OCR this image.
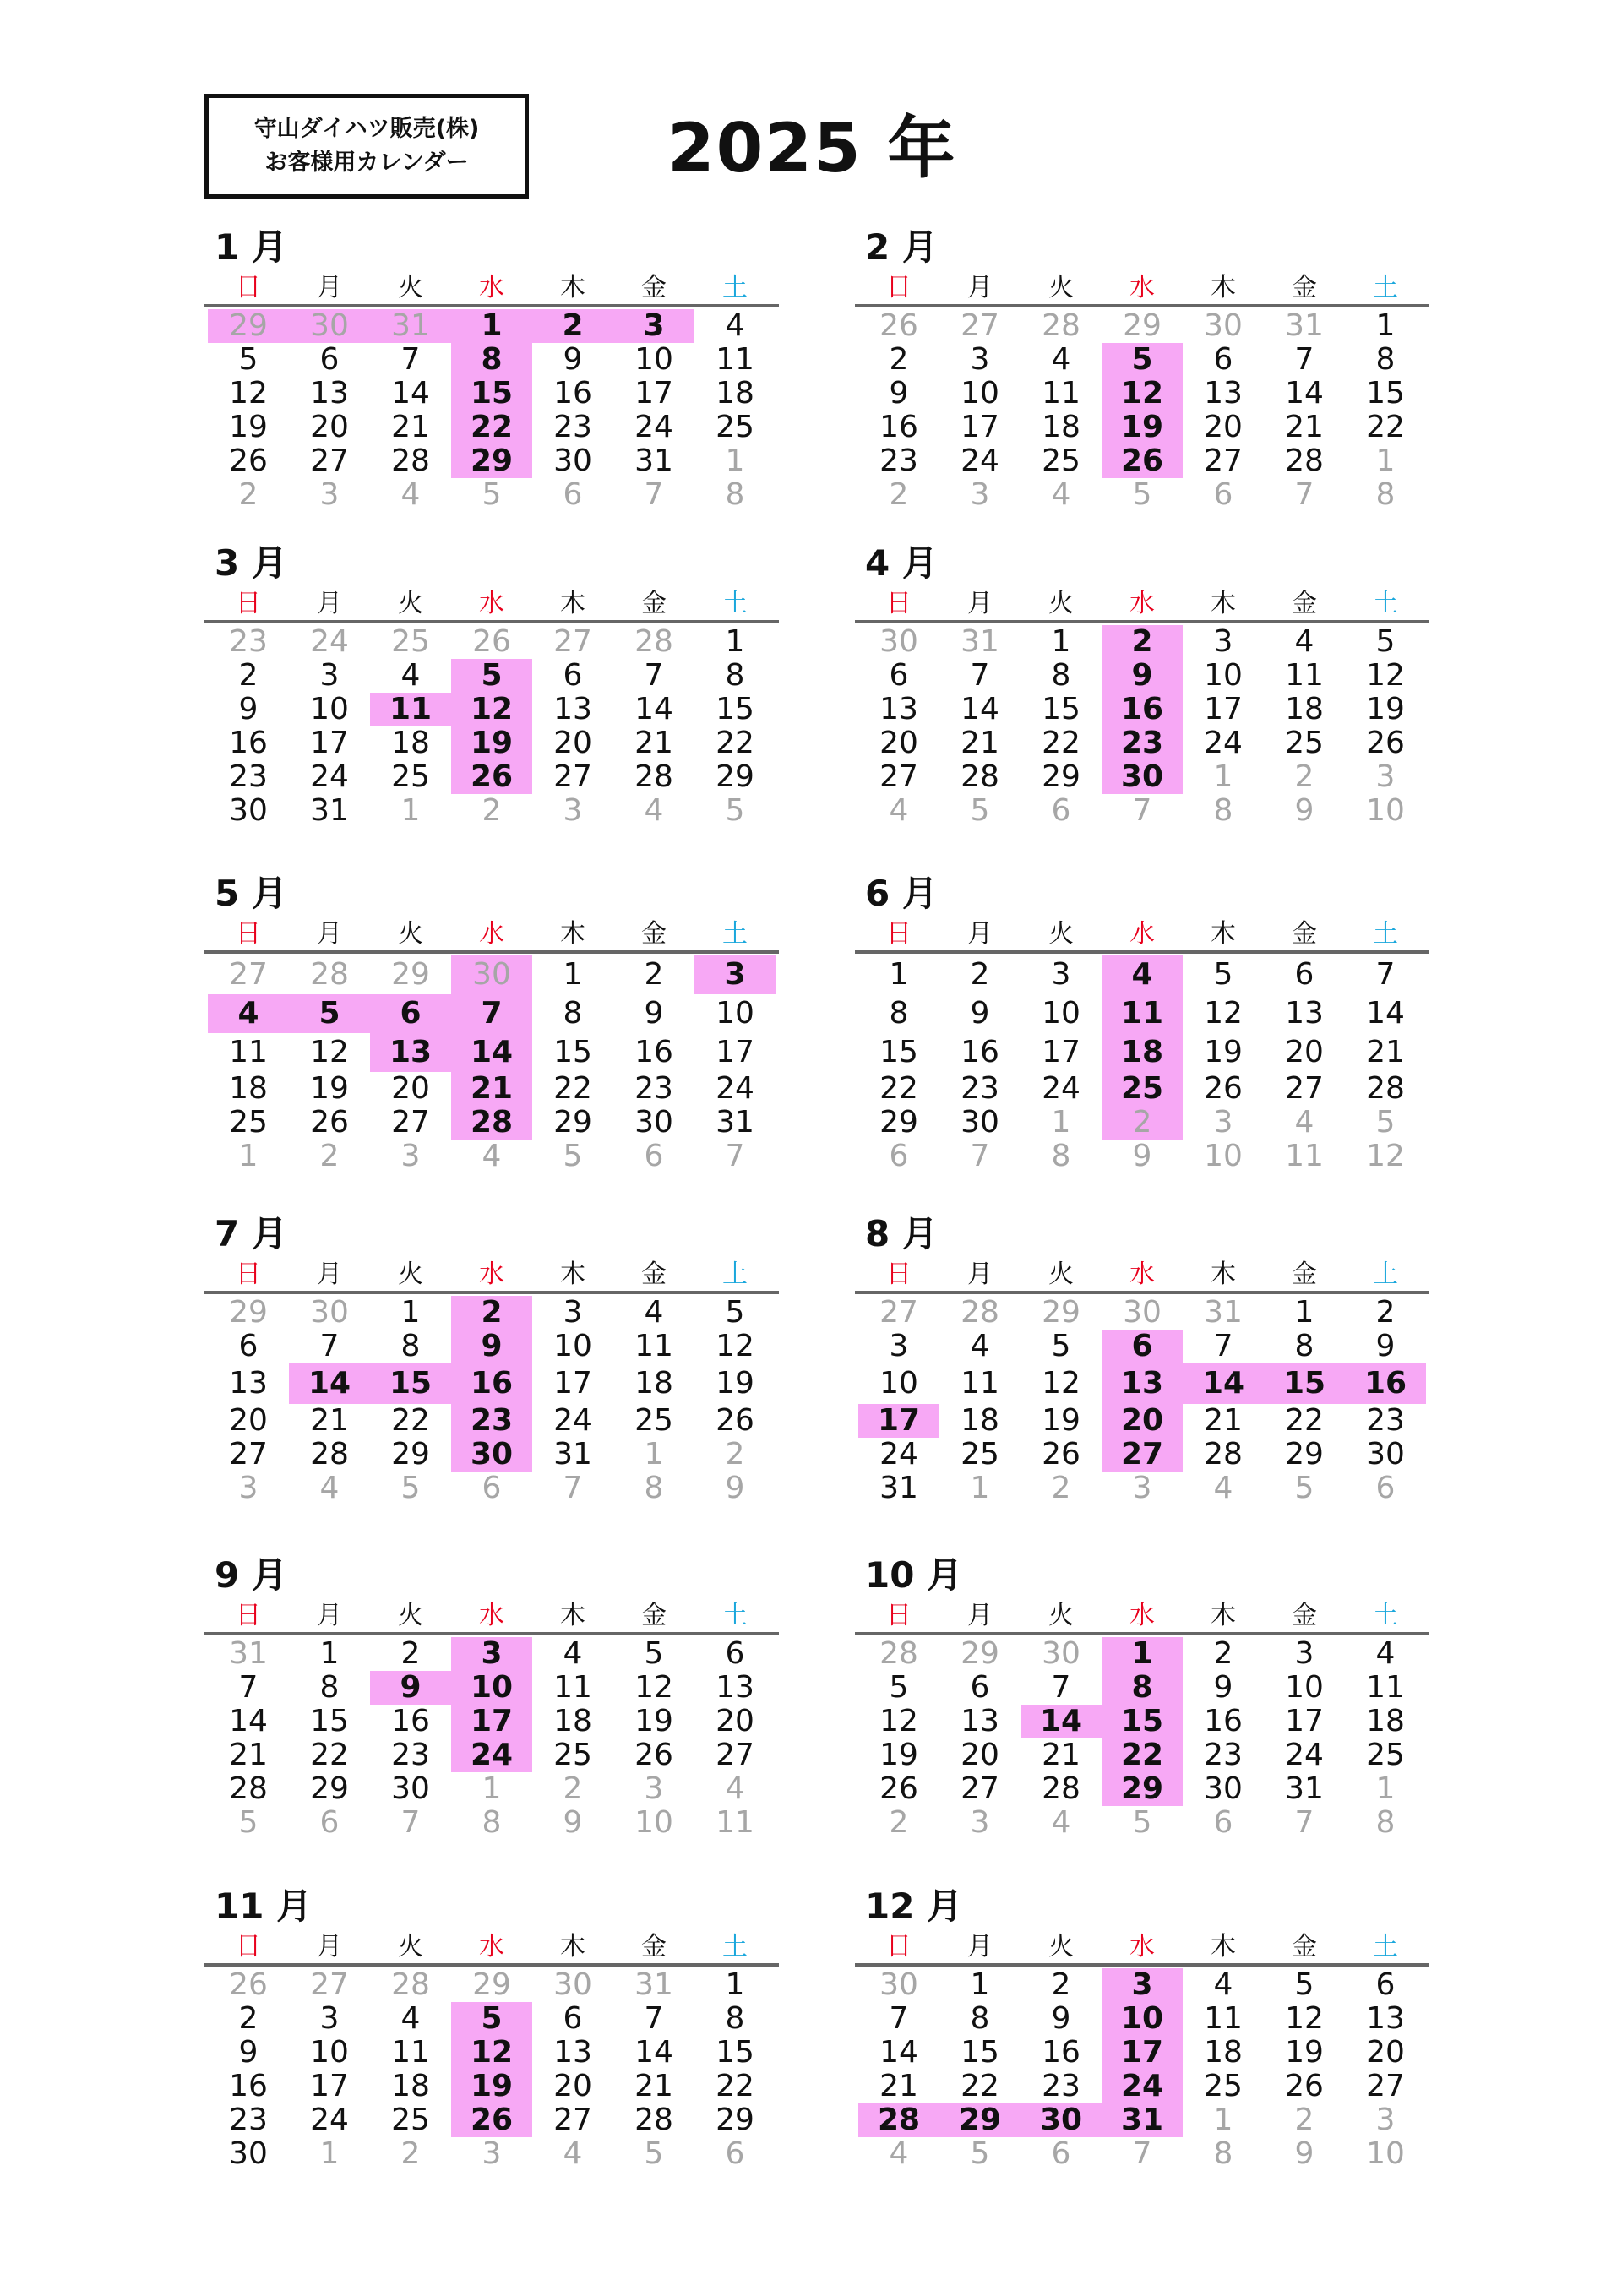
守山ダイハツ販売(株)
お客様用カレンダー	2025 年
1 月
日	月	火	水	木	金	土
29	30	31	1	2	3	4
5	6	7	8	9	10	11
12	13	14	15	16	17	18
19	20	21	22	23	24	25
26	27	28	29	30	31	1
2	3	4	5	6	7	8
2 月
日	月	火	水	木	金	土
26	27	28	29	30	31	1
2	3	4	5	6	7	8
9	10	11	12	13	14	15
16	17	18	19	20	21	22
23	24	25	26	27	28	1
2	3	4	5	6	7	8
3 月
日	月	火	水	木	金	土
23	24	25	26	27	28	1
2	3	4	5	6	7	8
9	10	11	12	13	14	15
16	17	18	19	20	21	22
23	24	25	26	27	28	29
30	31	1	2	3	4	5
4 月
日	月	火	水	木	金	土
30	31	1	2	3	4	5
6	7	8	9	10	11	12
13	14	15	16	17	18	19
20	21	22	23	24	25	26
27	28	29	30	1	2	3
4	5	6	7	8	9	10
5 月
日	月	火	水	木	金	土
27	28	29	30	1	2	3
4	5	6	7	8	9	10
11	12	13	14	15	16	17
18	19	20	21	22	23	24
25	26	27	28	29	30	31
1	2	3	4	5	6	7
6 月
日	月	火	水	木	金	土
1	2	3	4	5	6	7
8	9	10	11	12	13	14
15	16	17	18	19	20	21
22	23	24	25	26	27	28
29	30	1	2	3	4	5
6	7	8	9	10	11	12
7 月
日	月	火	水	木	金	土
29	30	1	2	3	4	5
6	7	8	9	10	11	12
13	14	15	16	17	18	19
20	21	22	23	24	25	26
27	28	29	30	31	1	2
3	4	5	6	7	8	9
8 月
日	月	火	水	木	金	土
27	28	29	30	31	1	2
3	4	5	6	7	8	9
10	11	12	13	14	15	16
17	18	19	20	21	22	23
24	25	26	27	28	29	30
31	1	2	3	4	5	6
9 月
日	月	火	水	木	金	土
31	1	2	3	4	5	6
7	8	9	10	11	12	13
14	15	16	17	18	19	20
21	22	23	24	25	26	27
28	29	30	1	2	3	4
5	6	7	8	9	10	11
10 月
日	月	火	水	木	金	土
28	29	30	1	2	3	4
5	6	7	8	9	10	11
12	13	14	15	16	17	18
19	20	21	22	23	24	25
26	27	28	29	30	31	1
2	3	4	5	6	7	8
11 月
日	月	火	水	木	金	土
26	27	28	29	30	31	1
2	3	4	5	6	7	8
9	10	11	12	13	14	15
16	17	18	19	20	21	22
23	24	25	26	27	28	29
30	1	2	3	4	5	6
12 月
日	月	火	水	木	金	土
30	1	2	3	4	5	6
7	8	9	10	11	12	13
14	15	16	17	18	19	20
21	22	23	24	25	26	27
28	29	30	31	1	2	3
4	5	6	7	8	9	10
